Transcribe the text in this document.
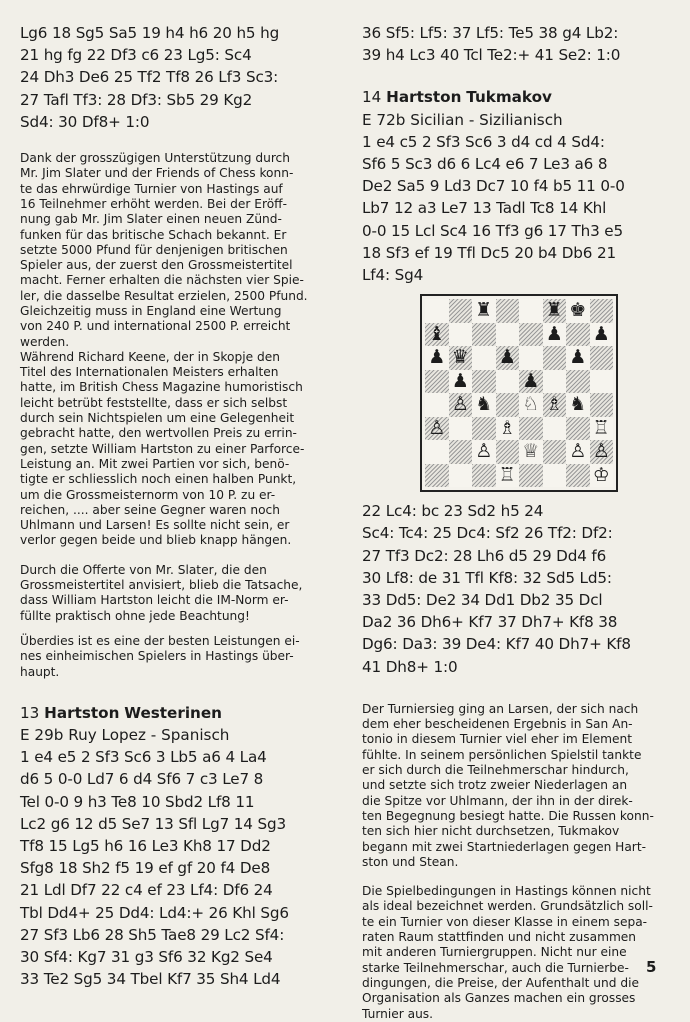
Lg6 18 Sg5 Sa5 19 h4 h6 20 h5 hg
21 hg fg 22 Df3 c6 23 Lg5: Sc4
24 Dh3 De6 25 Tf2 Tf8 26 Lf3 Sc3:
27 Tafl Tf3: 28 Df3: Sb5 29 Kg2
Sd4: 30 Df8+ 1:0
Dank der grosszügigen Unterstützung durch
Mr. Jim Slater und der Friends of Chess konn-
te das ehrwürdige Turnier von Hastings auf
16 Teilnehmer erhöht werden. Bei der Eröff-
nung gab Mr. Jim Slater einen neuen Zünd-
funken für das britische Schach bekannt. Er
setzte 5000 Pfund für denjenigen britischen
Spieler aus, der zuerst den Grossmeistertitel
macht. Ferner erhalten die nächsten vier Spie-
ler, die dasselbe Resultat erzielen, 2500 Pfund.
Gleichzeitig muss in England eine Wertung
von 240 P. und international 2500 P. erreicht
werden.
Während Richard Keene, der in Skopje den
Titel des Internationalen Meisters erhalten
hatte, im British Chess Magazine humoristisch
leicht betrübt feststellte, dass er sich selbst
durch sein Nichtspielen um eine Gelegenheit
gebracht hatte, den wertvollen Preis zu errin-
gen, setzte William Hartston zu einer Parforce-
Leistung an. Mit zwei Partien vor sich, benö-
tigte er schliesslich noch einen halben Punkt,
um die Grossmeisternorm von 10 P. zu er-
reichen, .... aber seine Gegner waren noch
Uhlmann und Larsen! Es sollte nicht sein, er
verlor gegen beide und blieb knapp hängen.
Durch die Offerte von Mr. Slater, die den
Grossmeistertitel anvisiert, blieb die Tatsache,
dass William Hartston leicht die IM-Norm er-
füllte praktisch ohne jede Beachtung!
Überdies ist es eine der besten Leistungen ei-
nes einheimischen Spielers in Hastings über-
haupt.
13 Hartston Westerinen
E 29b Ruy Lopez - Spanisch
1 e4 e5 2 Sf3 Sc6 3 Lb5 a6 4 La4
d6 5 0-0 Ld7 6 d4 Sf6 7 c3 Le7 8
Tel 0-0 9 h3 Te8 10 Sbd2 Lf8 11
Lc2 g6 12 d5 Se7 13 Sfl Lg7 14 Sg3
Tf8 15 Lg5 h6 16 Le3 Kh8 17 Dd2
Sfg8 18 Sh2 f5 19 ef gf 20 f4 De8
21 Ldl Df7 22 c4 ef 23 Lf4: Df6 24
Tbl Dd4+ 25 Dd4: Ld4:+ 26 Khl Sg6
27 Sf3 Lb6 28 Sh5 Tae8 29 Lc2 Sf4:
30 Sf4: Kg7 31 g3 Sf6 32 Kg2 Se4
33 Te2 Sg5 34 Tbel Kf7 35 Sh4 Ld4
36 Sf5: Lf5: 37 Lf5: Te5 38 g4 Lb2:
39 h4 Lc3 40 Tcl Te2:+ 41 Se2: 1:0
14 Hartston Tukmakov
E 72b Sicilian - Sizilianisch
1 e4 c5 2 Sf3 Sc6 3 d4 cd 4 Sd4:
Sf6 5 Sc3 d6 6 Lc4 e6 7 Le3 a6 8
De2 Sa5 9 Ld3 Dc7 10 f4 b5 11 0-0
Lb7 12 a3 Le7 13 Tadl Tc8 14 Khl
0-0 15 Lcl Sc4 16 Tf3 g6 17 Th3 e5
18 Sf3 ef 19 Tfl Dc5 20 b4 Db6 21
Lf4: Sg4
♜	♜ ♚
♝	♟ ♟
♟ ♛ ♟	♟
♟	♟
♙ ♞ ♘ ♗ ♞
♙	♗	♖
♙ ♕ ♙ ♙
♖	♔
22 Lc4: bc 23 Sd2 h5 24
Sc4: Tc4: 25 Dc4: Sf2 26 Tf2: Df2:
27 Tf3 Dc2: 28 Lh6 d5 29 Dd4 f6
30 Lf8: de 31 Tfl Kf8: 32 Sd5 Ld5:
33 Dd5: De2 34 Dd1 Db2 35 Dcl
Da2 36 Dh6+ Kf7 37 Dh7+ Kf8 38
Dg6: Da3: 39 De4: Kf7 40 Dh7+ Kf8
41 Dh8+ 1:0
Der Turniersieg ging an Larsen, der sich nach
dem eher bescheidenen Ergebnis in San An-
tonio in diesem Turnier viel eher im Element
fühlte. In seinem persönlichen Spielstil tankte
er sich durch die Teilnehmerschar hindurch,
und setzte sich trotz zweier Niederlagen an
die Spitze vor Uhlmann, der ihn in der direk-
ten Begegnung besiegt hatte. Die Russen konn-
ten sich hier nicht durchsetzen, Tukmakov
begann mit zwei Startniederlagen gegen Hart-
ston und Stean.
Die Spielbedingungen in Hastings können nicht
als ideal bezeichnet werden. Grundsätzlich soll-
te ein Turnier von dieser Klasse in einem sepa-
raten Raum stattfinden und nicht zusammen
mit anderen Turniergruppen. Nicht nur eine
starke Teilnehmerschar, auch die Turnierbe-
dingungen, die Preise, der Aufenthalt und die
Organisation als Ganzes machen ein grosses
Turnier aus.
5
